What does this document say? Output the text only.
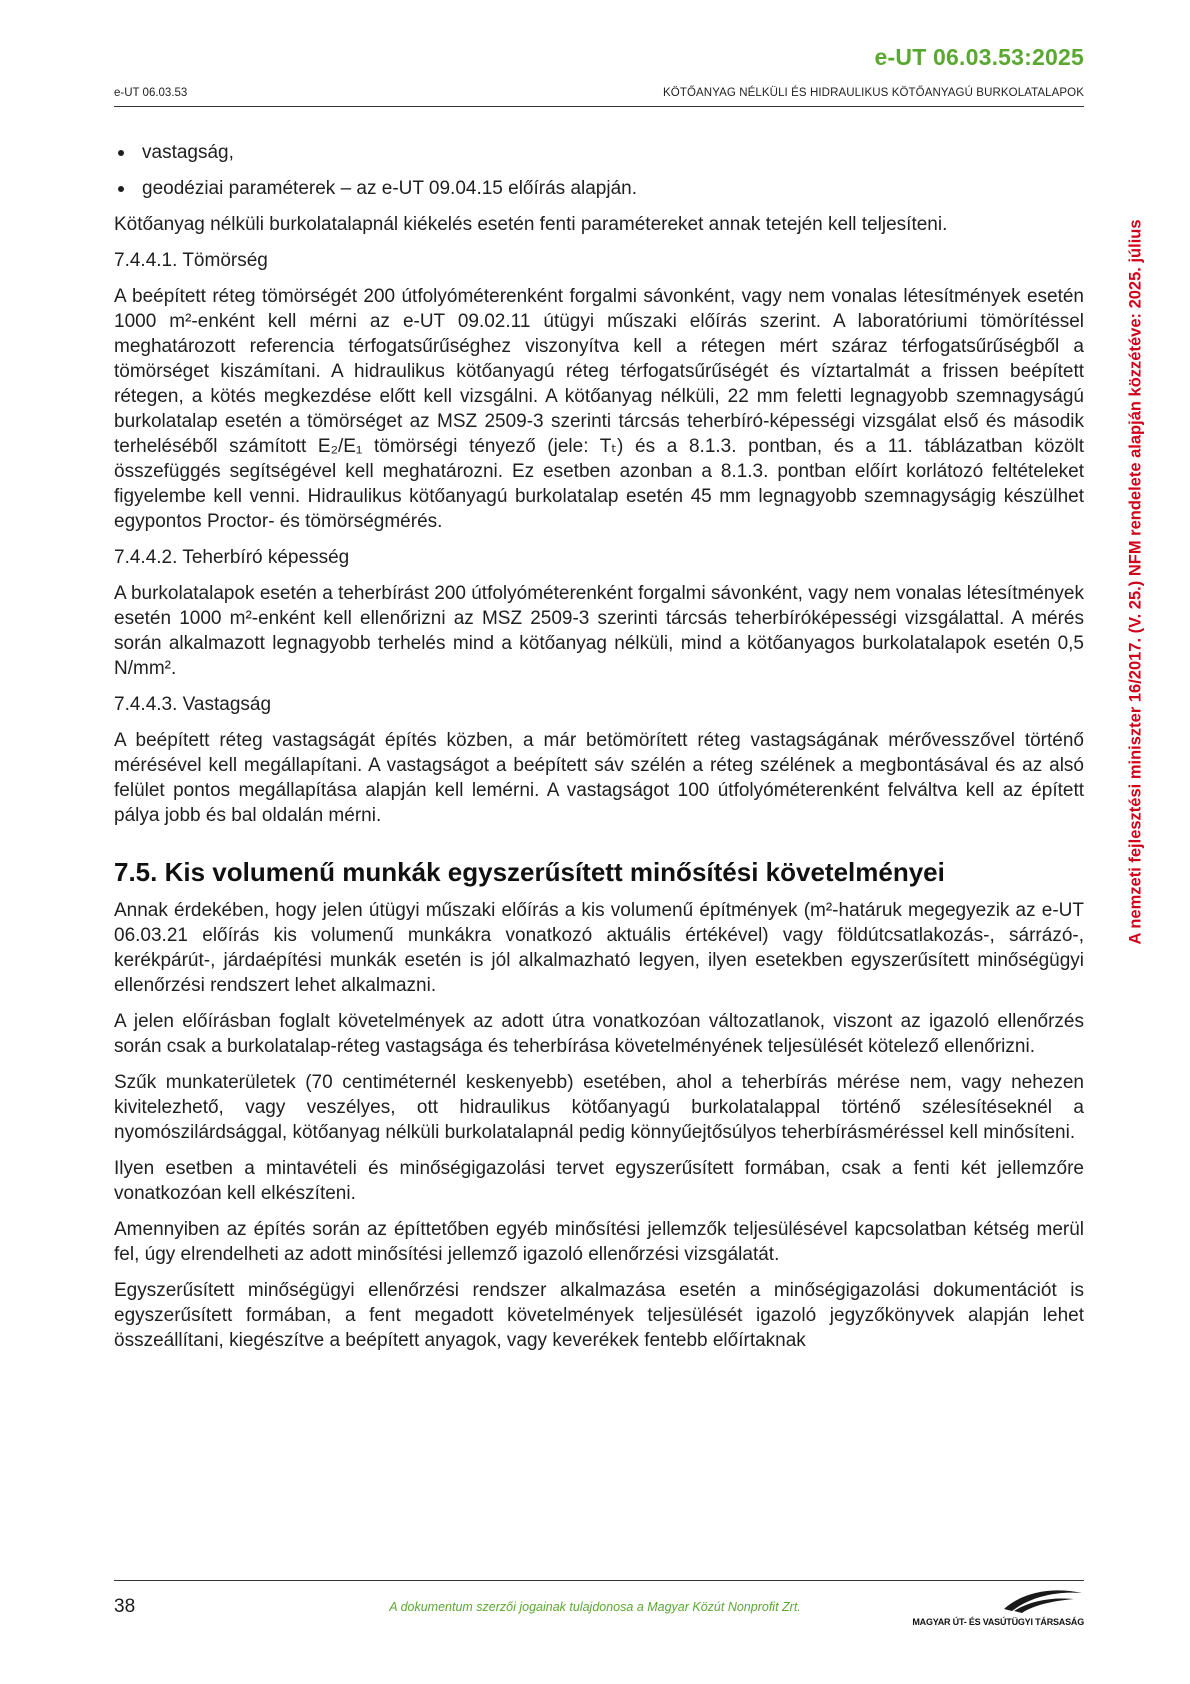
e-UT 06.03.53:2025
e-UT 06.03.53	KÖTŐANYAG NÉLKÜLI ÉS HIDRAULIKUS KÖTŐANYAGÚ BURKOLATALAPOK
A nemzeti fejlesztési miniszter 16/2017. (V. 25.) NFM rendelete alapján közzétéve: 2025. július
vastagság,
geodéziai paraméterek – az e-UT 09.04.15 előírás alapján.

Kötőanyag nélküli burkolatalapnál kiékelés esetén fenti paramétereket annak tetején kell teljesíteni.

7.4.4.1. Tömörség

A beépített réteg tömörségét 200 útfolyóméterenként forgalmi sávonként, vagy nem vonalas létesítmények esetén 1000 m²-enként kell mérni az e-UT 09.02.11 útügyi műszaki előírás szerint. A laboratóriumi tömörítéssel meghatározott referencia térfogatsűrűséghez viszonyítva kell a rétegen mért száraz térfogatsűrűségből a tömörséget kiszámítani. A hidraulikus kötőanyagú réteg térfogatsűrűségét és víztartalmát a frissen beépített rétegen, a kötés megkezdése előtt kell vizsgálni. A kötőanyag nélküli, 22 mm feletti legnagyobb szemnagyságú burkolatalap esetén a tömörséget az MSZ 2509-3 szerinti tárcsás teherbíró-képességi vizsgálat első és második terheléséből számított E₂/E₁ tömörségi tényező (jele: Tₜ) és a 8.1.3. pontban, és a 11. táblázatban közölt összefüggés segítségével kell meghatározni. Ez esetben azonban a 8.1.3. pontban előírt korlátozó feltételeket figyelembe kell venni. Hidraulikus kötőanyagú burkolatalap esetén 45 mm legnagyobb szemnagyságig készülhet egypontos Proctor- és tömörségmérés.

7.4.4.2. Teherbíró képesség

A burkolatalapok esetén a teherbírást 200 útfolyóméterenként forgalmi sávonként, vagy nem vonalas létesítmények esetén 1000 m²-enként kell ellenőrizni az MSZ 2509-3 szerinti tárcsás teherbíróképességi vizsgálattal. A mérés során alkalmazott legnagyobb terhelés mind a kötőanyag nélküli, mind a kötőanyagos burkolatalapok esetén 0,5 N/mm².

7.4.4.3. Vastagság

A beépített réteg vastagságát építés közben, a már betömörített réteg vastagságának mérővesszővel történő mérésével kell megállapítani. A vastagságot a beépített sáv szélén a réteg szélének a megbontásával és az alsó felület pontos megállapítása alapján kell lemérni. A vastagságot 100 útfolyóméterenként felváltva kell az épített pálya jobb és bal oldalán mérni.

7.5. Kis volumenű munkák egyszerűsített minősítési követelményei

Annak érdekében, hogy jelen útügyi műszaki előírás a kis volumenű építmények (m²-határuk megegyezik az e-UT 06.03.21 előírás kis volumenű munkákra vonatkozó aktuális értékével) vagy földútcsatlakozás-, sárrázó-, kerékpárút-, járdaépítési munkák esetén is jól alkalmazható legyen, ilyen esetekben egyszerűsített minőségügyi ellenőrzési rendszert lehet alkalmazni.

A jelen előírásban foglalt követelmények az adott útra vonatkozóan változatlanok, viszont az igazoló ellenőrzés során csak a burkolatalap-réteg vastagsága és teherbírása követelményének teljesülését kötelező ellenőrizni.

Szűk munkaterületek (70 centiméternél keskenyebb) esetében, ahol a teherbírás mérése nem, vagy nehezen kivitelezhető, vagy veszélyes, ott hidraulikus kötőanyagú burkolatalappal történő szélesítéseknél a nyomószilárdsággal, kötőanyag nélküli burkolatalapnál pedig könnyűejtősúlyos teherbírásméréssel kell minősíteni.

Ilyen esetben a mintavételi és minőségigazolási tervet egyszerűsített formában, csak a fenti két jellemzőre vonatkozóan kell elkészíteni.

Amennyiben az építés során az építtetőben egyéb minősítési jellemzők teljesülésével kapcsolatban kétség merül fel, úgy elrendelheti az adott minősítési jellemző igazoló ellenőrzési vizsgálatát.

Egyszerűsített minőségügyi ellenőrzési rendszer alkalmazása esetén a minőségigazolási dokumentációt is egyszerűsített formában, a fent megadott követelmények teljesülését igazoló jegyzőkönyvek alapján lehet összeállítani, kiegészítve a beépített anyagok, vagy keverékek fentebb előírtaknak

38	A dokumentum szerzői jogainak tulajdonosa a Magyar Közút Nonprofit Zrt.
MAGYAR ÚT- ÉS VASÚTÜGYI TÁRSASÁG
